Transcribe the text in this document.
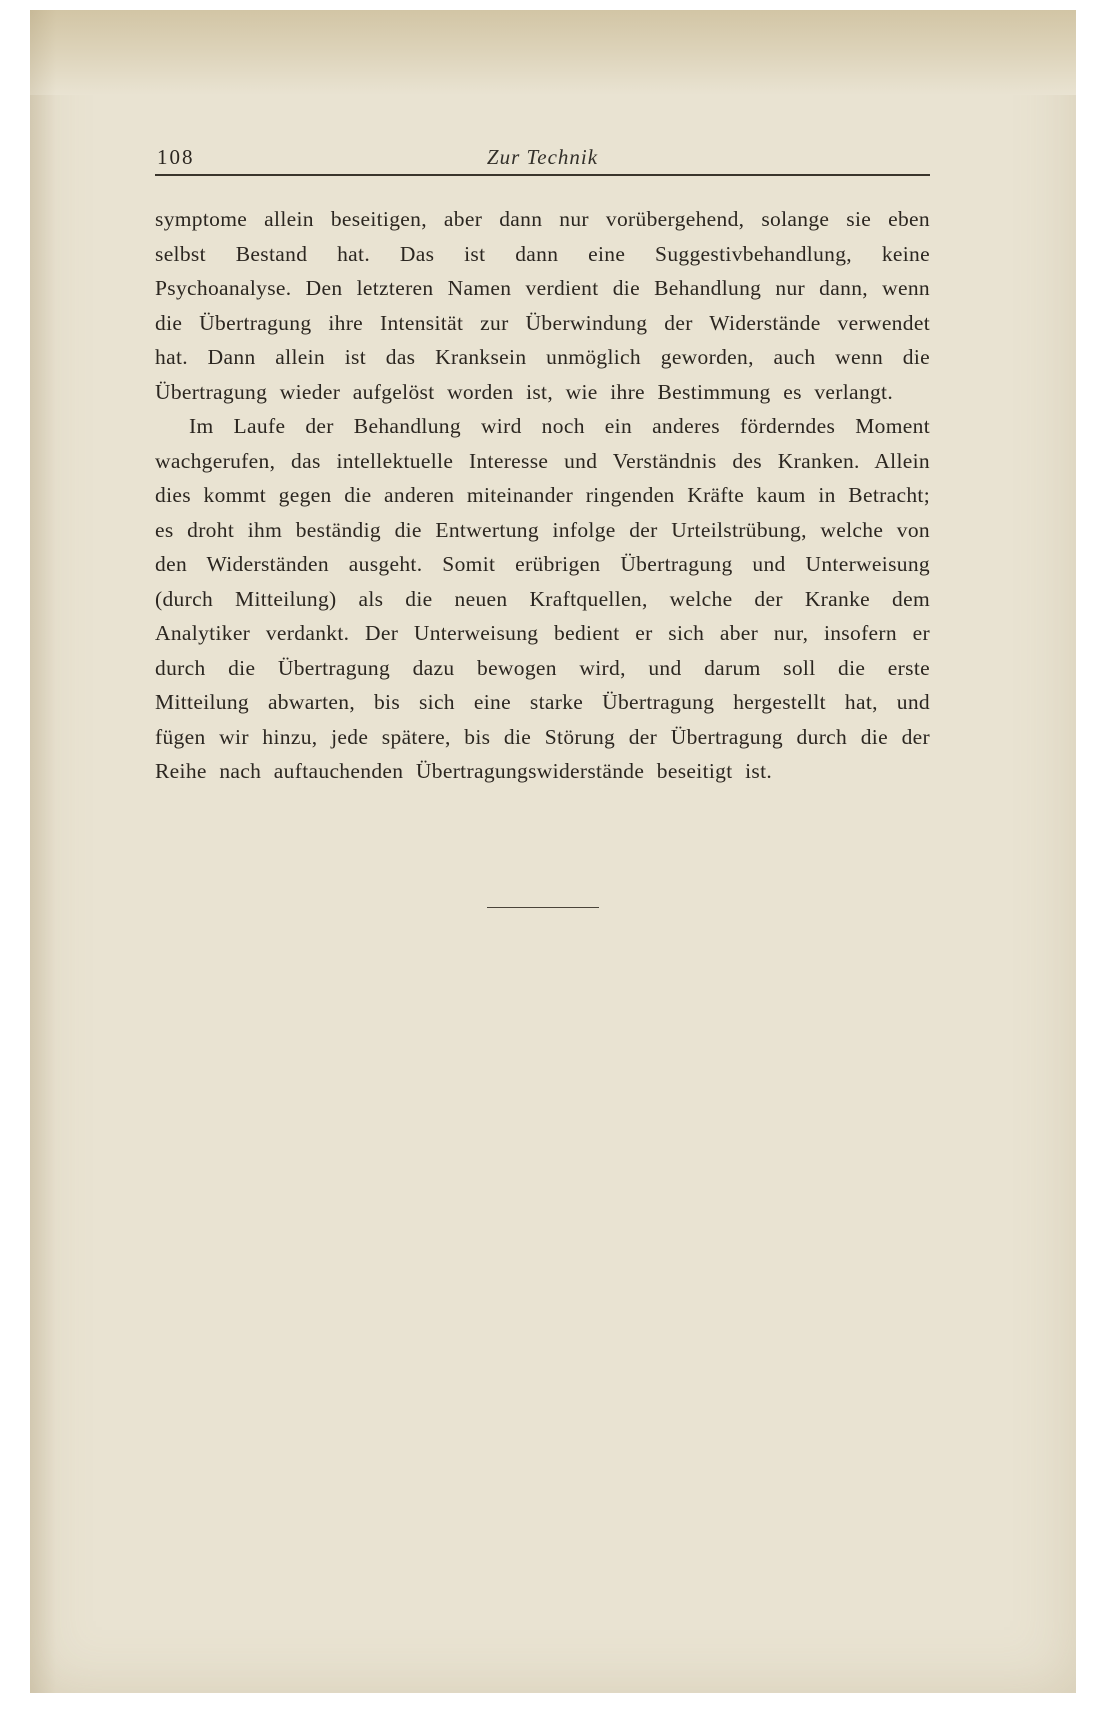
108	Zur Technik

symptome allein beseitigen, aber dann nur vorübergehend, solange sie eben selbst Bestand hat. Das ist dann eine Suggestivbehandlung, keine Psychoanalyse. Den letzteren Namen verdient die Behandlung nur dann, wenn die Übertragung ihre Intensität zur Überwindung der Widerstände verwendet hat. Dann allein ist das Kranksein unmöglich geworden, auch wenn die Übertragung wieder aufgelöst worden ist, wie ihre Bestimmung es verlangt.

Im Laufe der Behandlung wird noch ein anderes förderndes Moment wachgerufen, das intellektuelle Interesse und Verständnis des Kranken. Allein dies kommt gegen die anderen miteinander ringenden Kräfte kaum in Betracht; es droht ihm beständig die Entwertung infolge der Urteilstrübung, welche von den Widerständen ausgeht. Somit erübrigen Übertragung und Unterweisung (durch Mitteilung) als die neuen Kraftquellen, welche der Kranke dem Analytiker verdankt. Der Unterweisung bedient er sich aber nur, insofern er durch die Übertragung dazu bewogen wird, und darum soll die erste Mitteilung abwarten, bis sich eine starke Übertragung hergestellt hat, und fügen wir hinzu, jede spätere, bis die Störung der Übertragung durch die der Reihe nach auftauchenden Übertragungswiderstände beseitigt ist.
